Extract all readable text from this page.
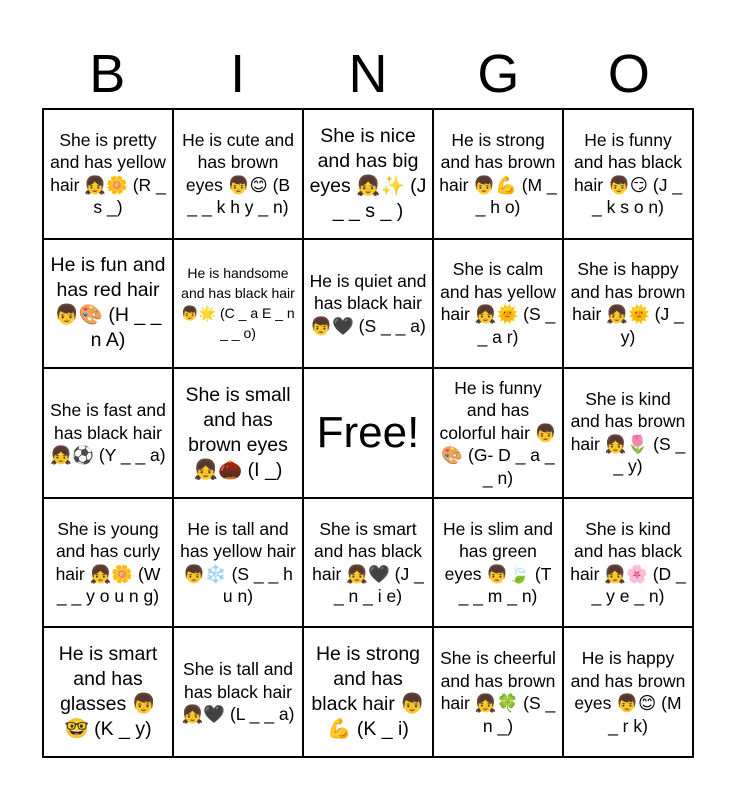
B	I	N	G	O
She is pretty and has yellow hair 👧🌼 (R _ s _)
He is cute and has brown eyes 👦😊 (B _ _ k h y _ n)
She is nice and has big eyes 👧✨ (J _ _ s _ )
He is strong and has brown hair 👦💪 (M _ _ h o)
He is funny and has black hair 👦😏 (J _ _ k s o n)
He is fun and has red hair 👦🎨 (H _ _ n A)
He is handsome and has black hair 👦🌟 (C _ a E _ n _ _ o)
He is quiet and has black hair 👦🖤 (S _ _ a)
She is calm and has yellow hair 👧🌞 (S _ _ a r)
She is happy and has brown hair 👧🌞 (J _ y)
She is fast and has black hair 👧⚽ (Y _ _ a)
She is small and has brown eyes 👧🌰 (I _)
Free!
He is funny and has colorful hair 👦🎨 (G- D _ a _ _ n)
She is kind and has brown hair 👧🌷 (S _ _ y)
She is young and has curly hair 👧🌼 (W _ _ y o u n g)
He is tall and has yellow hair 👦❄️ (S _ _ h u n)
She is smart and has black hair 👧🖤 (J _ _ n _ i e)
He is slim and has green eyes 👦🍃 (T _ _ m _ n)
She is kind and has black hair 👧🌸 (D _ _ y e _ n)
He is smart and has glasses 👦🤓 (K _ y)
She is tall and has black hair 👧🖤 (L _ _ a)
He is strong and has black hair 👦💪 (K _ i)
She is cheerful and has brown hair 👧🍀 (S _ n _)
He is happy and has brown eyes 👦😊 (M _ r k)
